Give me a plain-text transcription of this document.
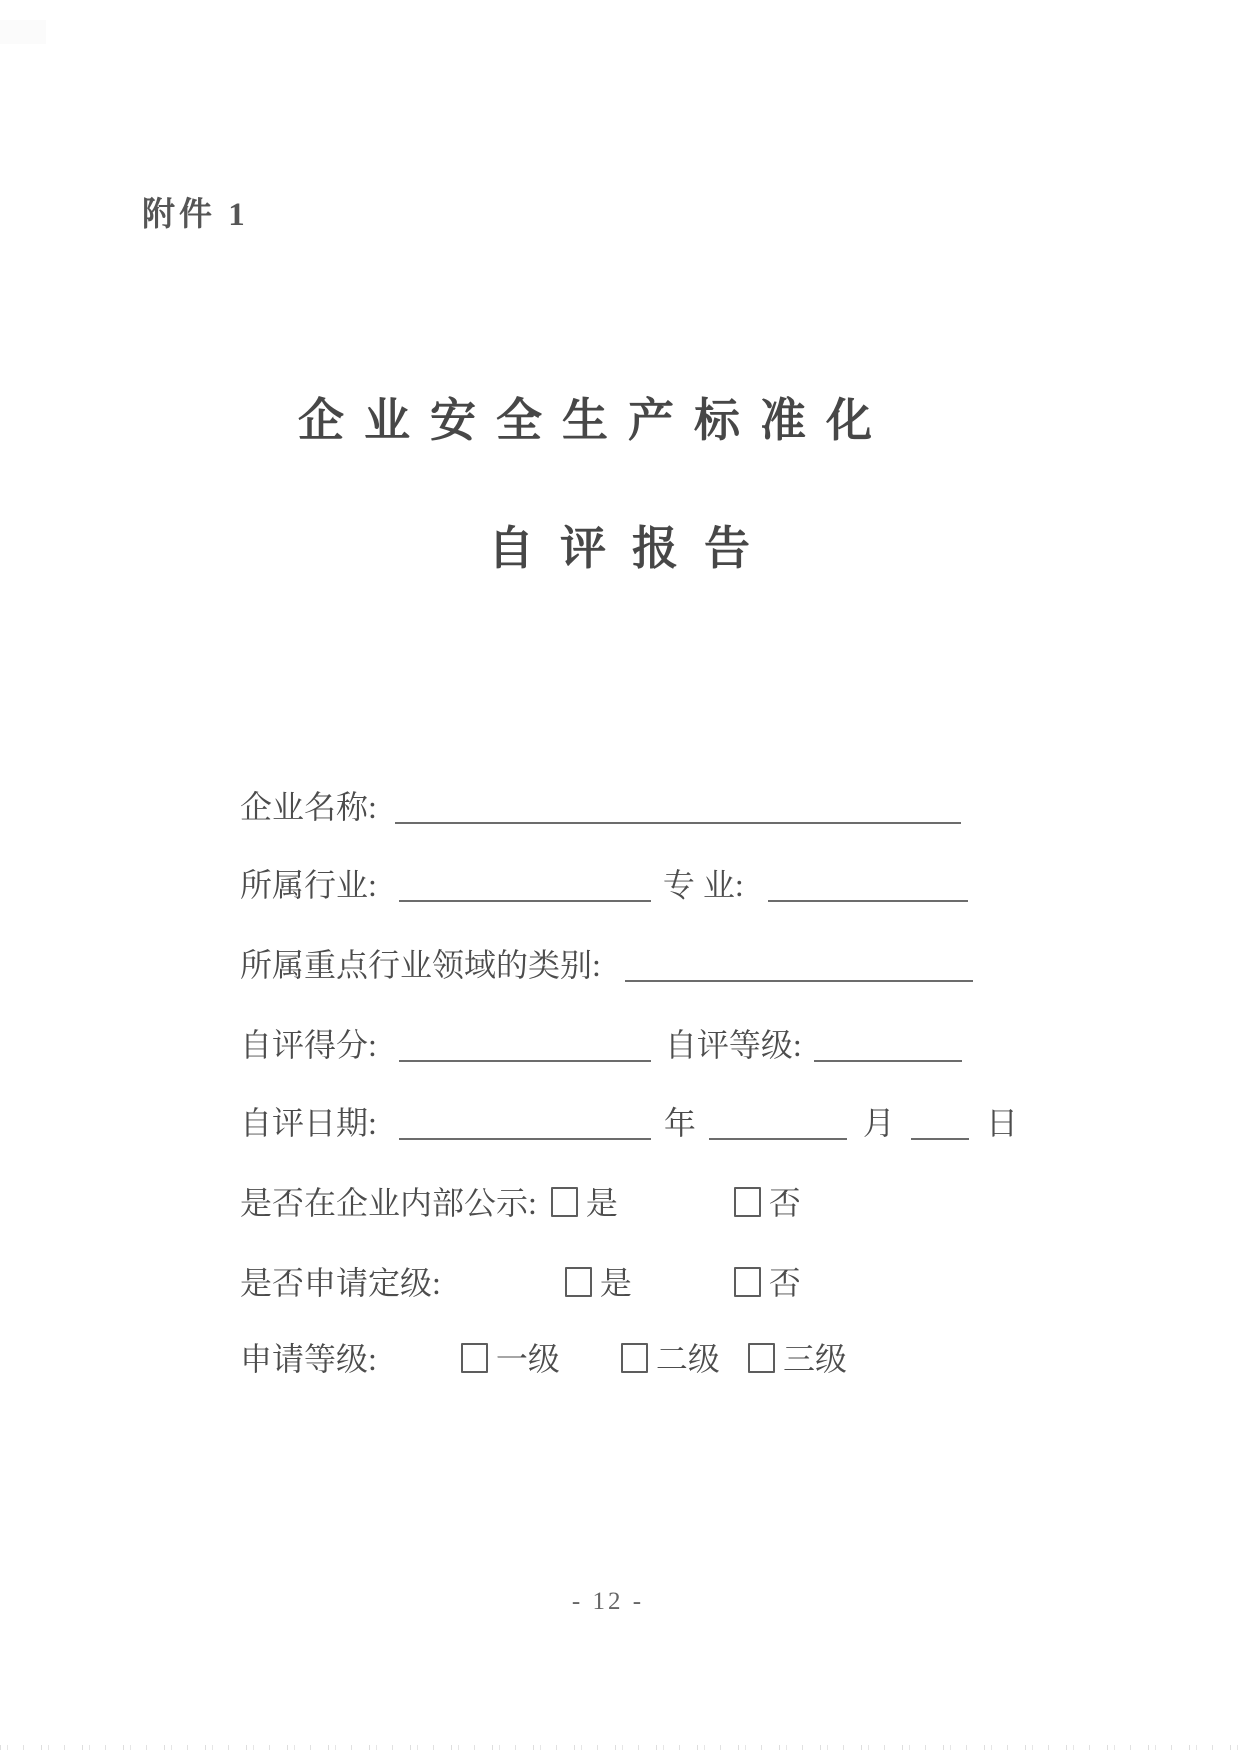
附件 1
企业安全生产标准化
自评报告
企业名称:
所属行业:	专 业:
所属重点行业领域的类别:
自评得分:	自评等级:
自评日期:	年	月	日
是否在企业内部公示: 是	否
是否申请定级:	是	否
申请等级:	一级	二级 三级
- 12 -
